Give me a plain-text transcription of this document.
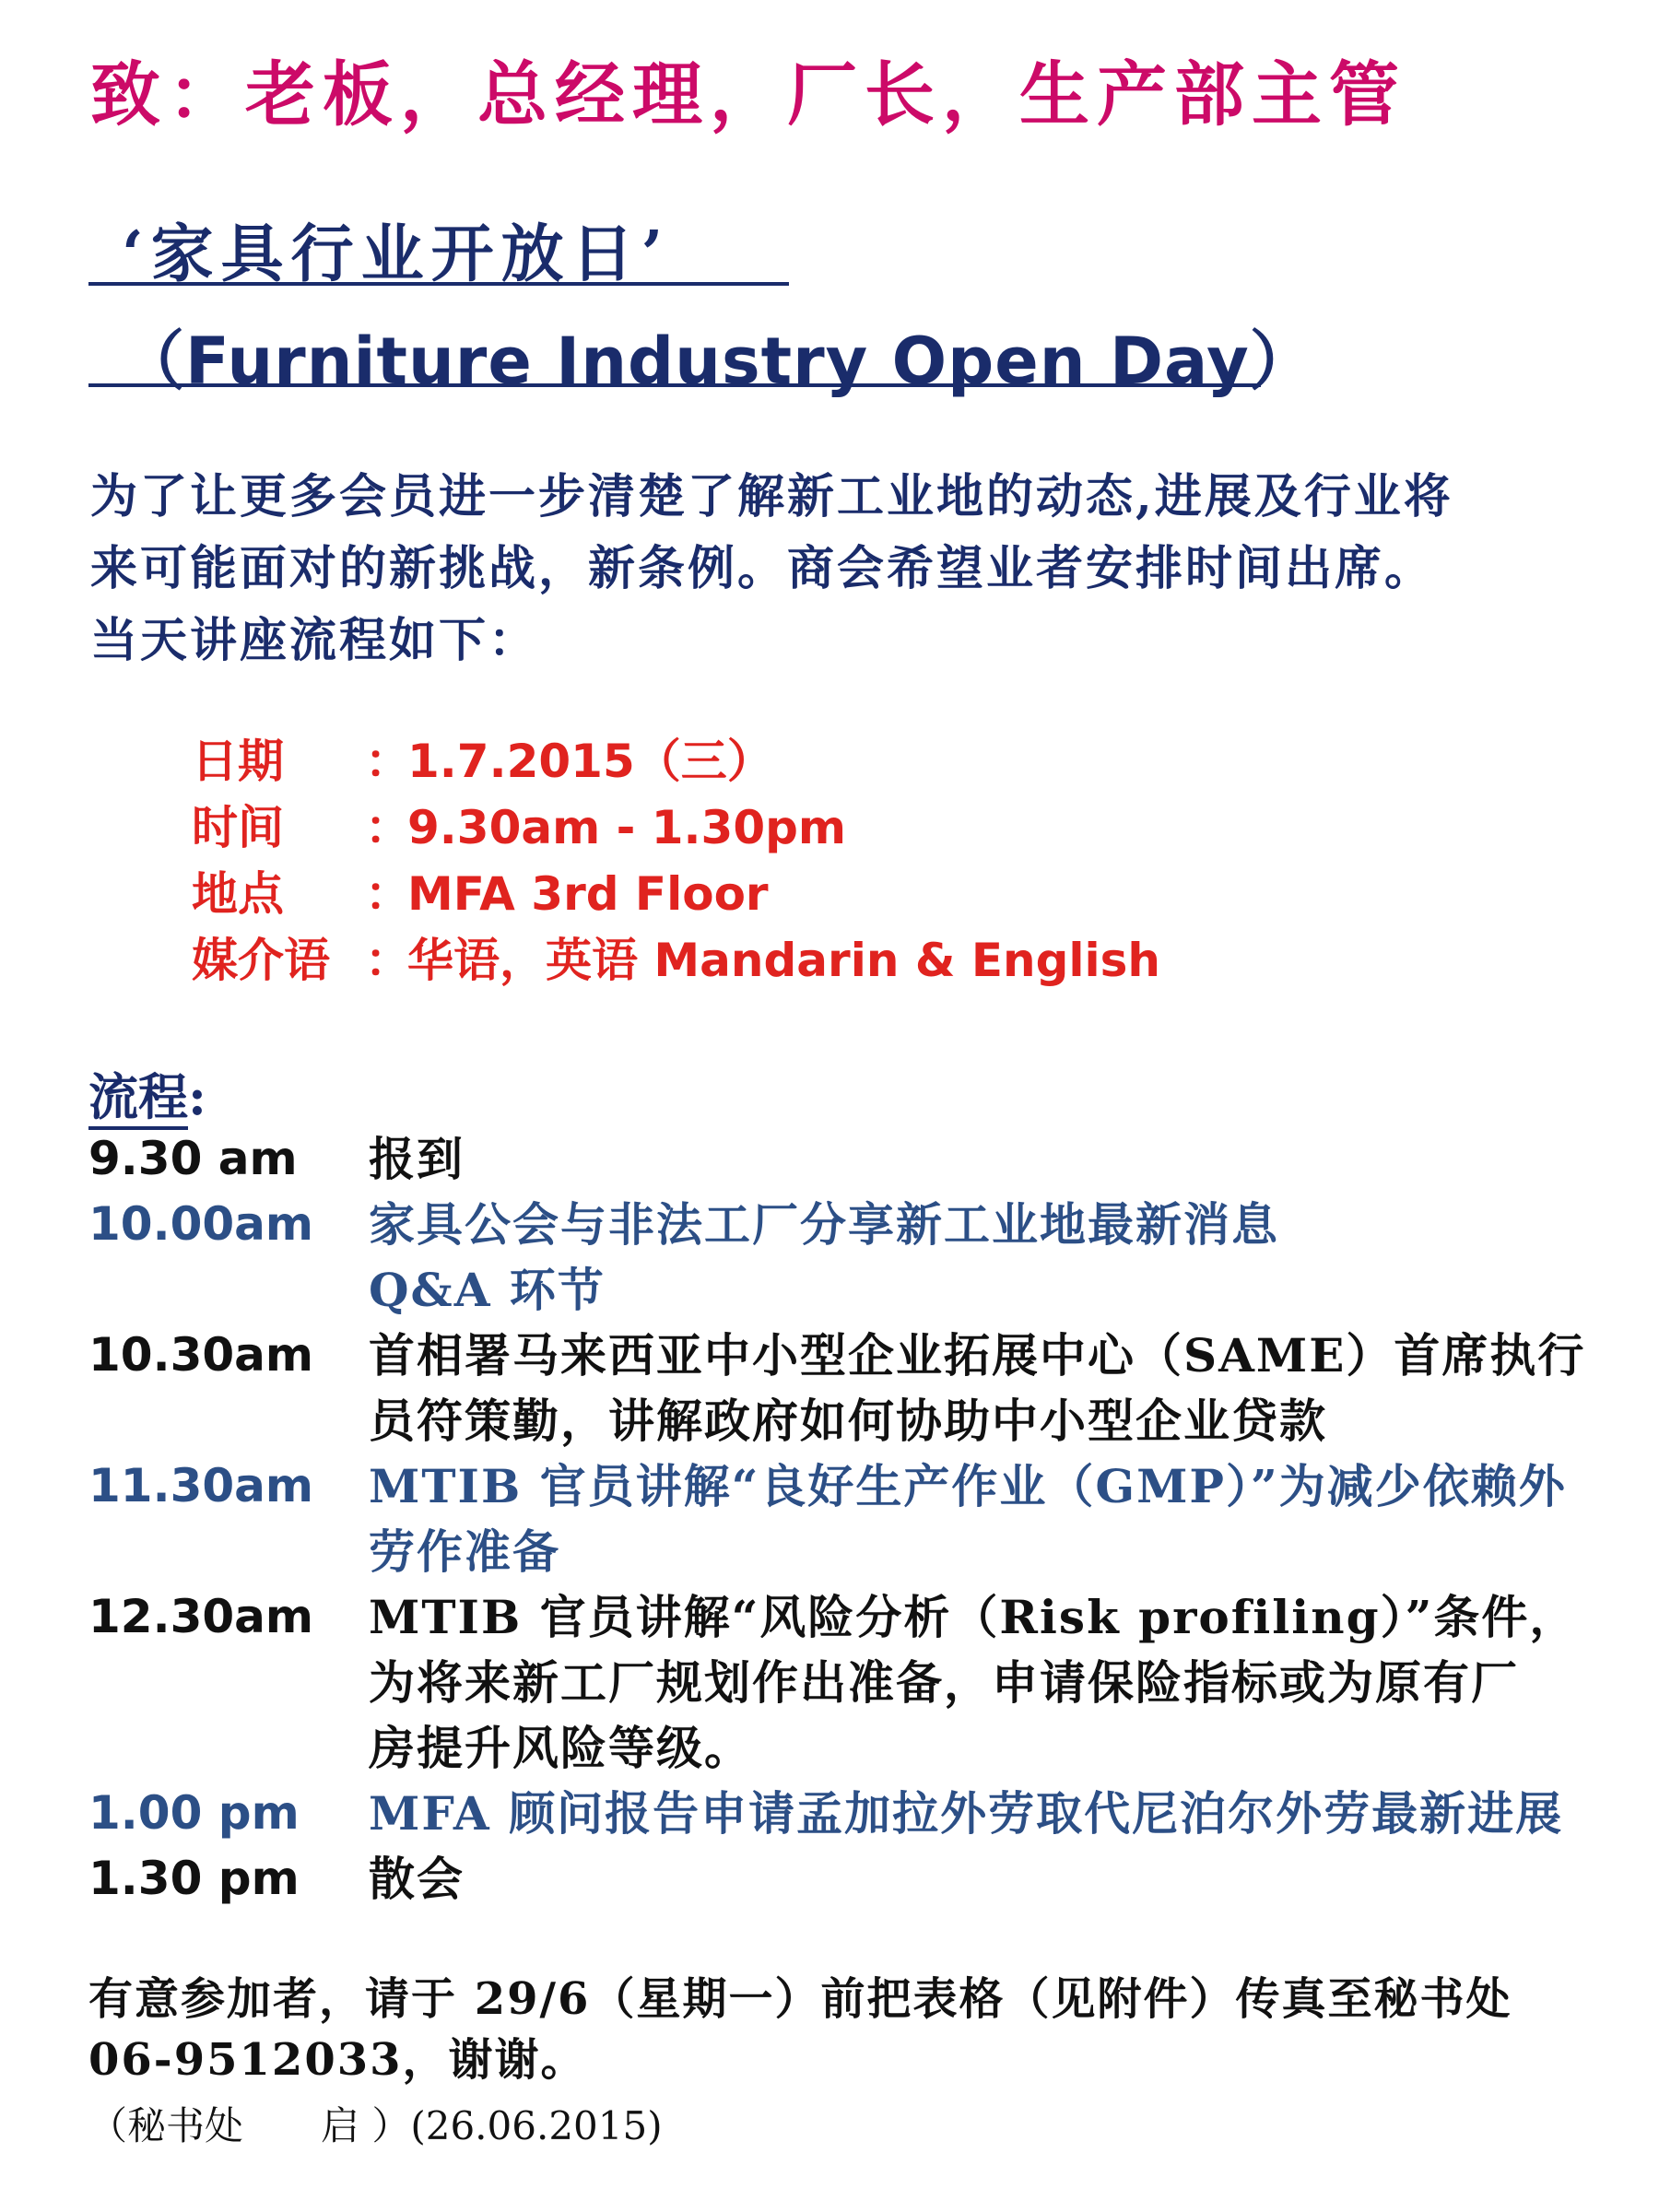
致：老板，总经理，厂长，生产部主管
‘家具行业开放日’
（Furniture Industry Open Day）
为了让更多会员进一步清楚了解新工业地的动态,进展及行业将
来可能面对的新挑战，新条例。商会希望业者安排时间出席。
当天讲座流程如下：
日期 ：1.7.2015（三）
时间 ：9.30am - 1.30pm
地点 ：MFA 3rd Floor
媒介语 ：华语，英语 Mandarin & English
流程:
9.30 am	报到
10.00am	家具公会与非法工厂分享新工业地最新消息
Q&A 环节
10.30am	首相署马来西亚中小型企业拓展中心（SAME）首席执行
员符策勤，讲解政府如何协助中小型企业贷款
11.30am	MTIB 官员讲解“良好生产作业（GMP）”为减少依赖外
劳作准备
12.30am	MTIB 官员讲解“风险分析（Risk profiling）”条件，
为将来新工厂规划作出准备，申请保险指标或为原有厂
房提升风险等级。
1.00 pm	MFA 顾问报告申请孟加拉外劳取代尼泊尔外劳最新进展
1.30 pm	散会
有意参加者，请于 29/6（星期一）前把表格（见附件）传真至秘书处
06-9512033，谢谢。
（秘书处　　启 ）(26.06.2015)
